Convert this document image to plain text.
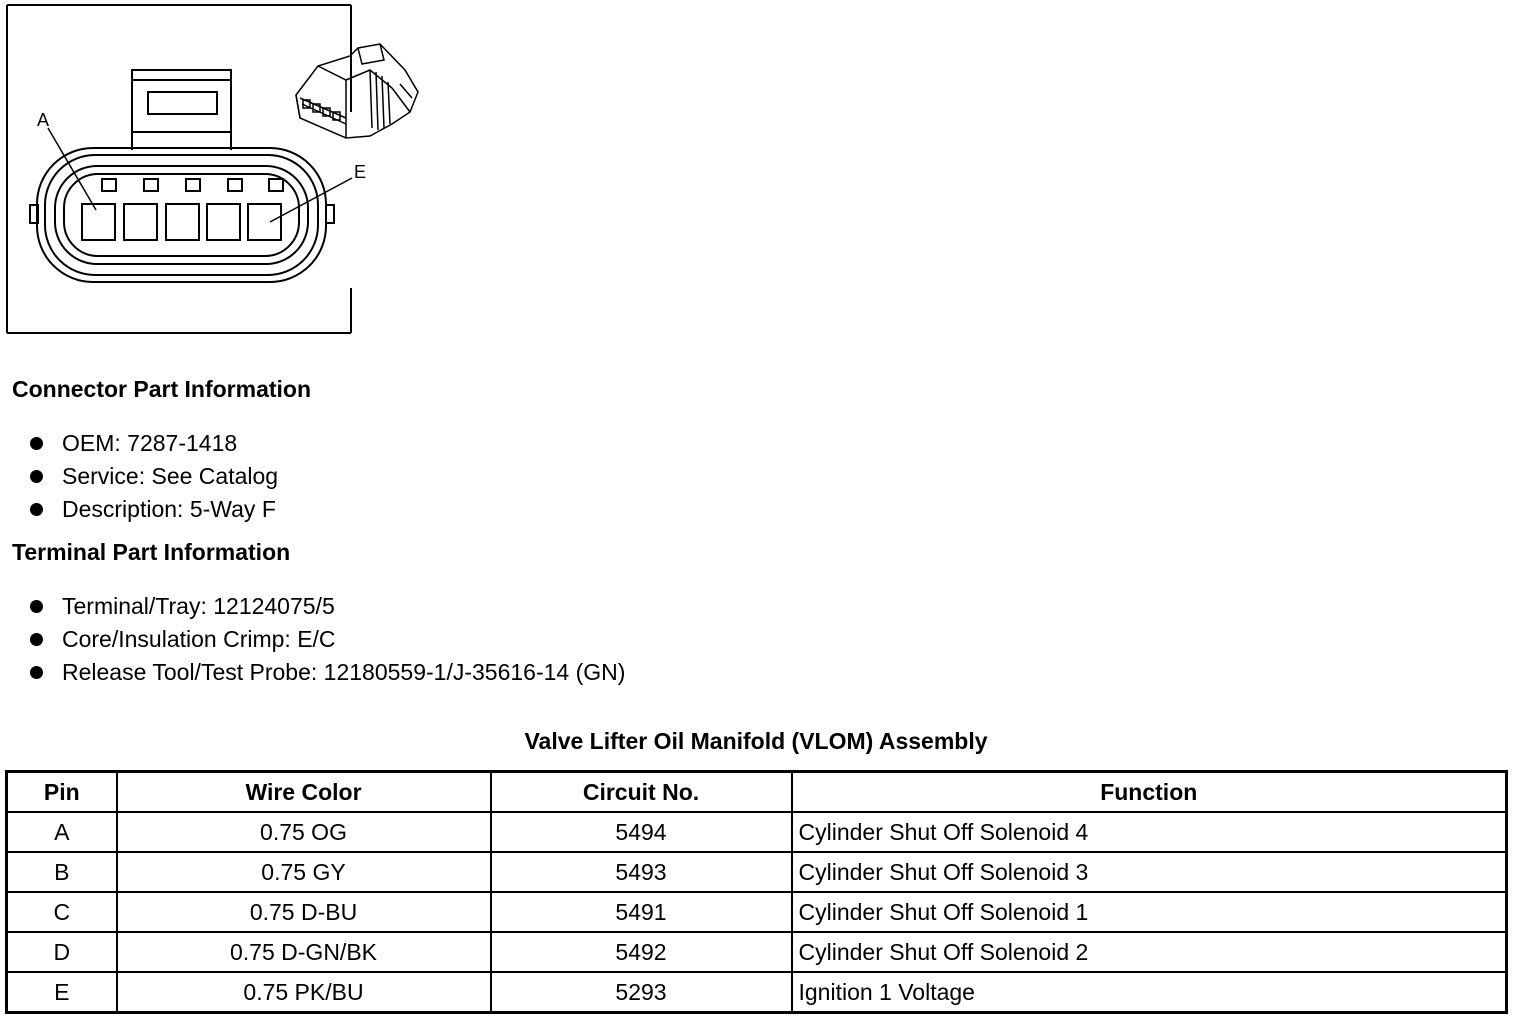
A
E
Connector Part Information
OEM: 7287-1418
Service: See Catalog
Description: 5-Way F
Terminal Part Information
Terminal/Tray: 12124075/5
Core/Insulation Crimp: E/C
Release Tool/Test Probe: 12180559-1/J-35616-14 (GN)
Valve Lifter Oil Manifold (VLOM) Assembly
Pin	Wire Color	Circuit No.	Function
A	0.75 OG	5494	Cylinder Shut Off Solenoid 4
B	0.75 GY	5493	Cylinder Shut Off Solenoid 3
C	0.75 D-BU	5491	Cylinder Shut Off Solenoid 1
D	0.75 D-GN/BK	5492	Cylinder Shut Off Solenoid 2
E	0.75 PK/BU	5293	Ignition 1 Voltage
